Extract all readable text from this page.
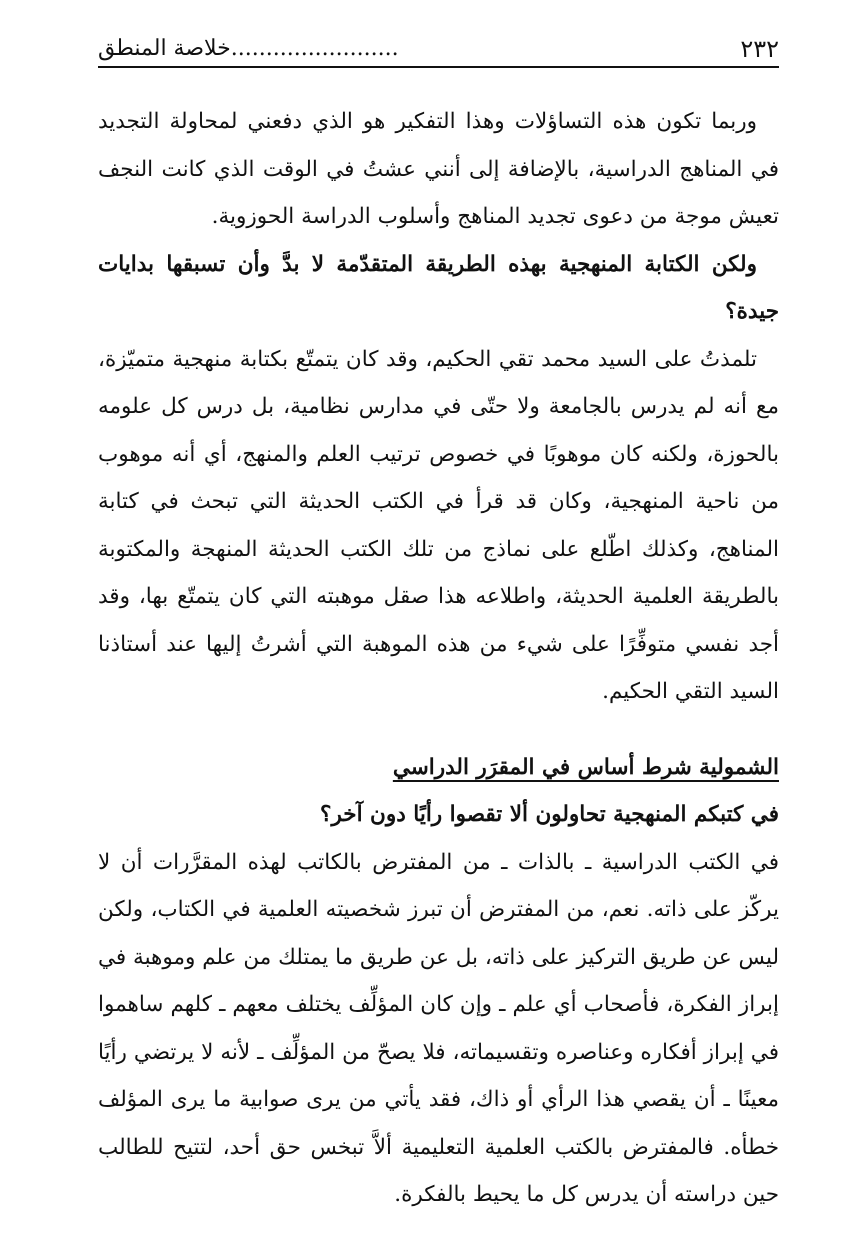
٢٣٢
........................خلاصة المنطق

وربما تكون هذه التساؤلات وهذا التفكير هو الذي دفعني لمحاولة التجديد في المناهج الدراسية، بالإضافة إلى أنني عشتُ في الوقت الذي كانت النجف تعيش موجة من دعوى تجديد المناهج وأسلوب الدراسة الحوزوية.

ولكن الكتابة المنهجية بهذه الطريقة المتقدّمة لا بدَّ وأن تسبقها بدايات جيدة؟

تلمذتُ على السيد محمد تقي الحكيم، وقد كان يتمتّع بكتابة منهجية متميّزة، مع أنه لم يدرس بالجامعة ولا حتّى في مدارس نظامية، بل درس كل علومه بالحوزة، ولكنه كان موهوبًا في خصوص ترتيب العلم والمنهج، أي أنه موهوب من ناحية المنهجية، وكان قد قرأ في الكتب الحديثة التي تبحث في كتابة المناهج، وكذلك اطّلع على نماذج من تلك الكتب الحديثة المنهجة والمكتوبة بالطريقة العلمية الحديثة، واطلاعه هذا صقل موهبته التي كان يتمتّع بها، وقد أجد نفسي متوفِّرًا على شيء من هذه الموهبة التي أشرتُ إليها عند أستاذنا السيد التقي الحكيم.

الشمولية شرط أساس في المقرَر الدراسي

في كتبكم المنهجية تحاولون ألا تقصوا رأيًا دون آخر؟

في الكتب الدراسية ـ بالذات ـ من المفترض بالكاتب لهذه المقرَّرات أن لا يركّز على ذاته. نعم، من المفترض أن تبرز شخصيته العلمية في الكتاب، ولكن ليس عن طريق التركيز على ذاته، بل عن طريق ما يمتلك من علم وموهبة في إبراز الفكرة، فأصحاب أي علم ـ وإن كان المؤلِّف يختلف معهم ـ كلهم ساهموا في إبراز أفكاره وعناصره وتقسيماته، فلا يصحّ من المؤلِّف ـ لأنه لا يرتضي رأيًا معينًا ـ أن يقصي هذا الرأي أو ذاك، فقد يأتي من يرى صوابية ما يرى المؤلف خطأه. فالمفترض بالكتب العلمية التعليمية ألاَّ تبخس حق أحد، لتتيح للطالب حين دراسته أن يدرس كل ما يحيط بالفكرة.
